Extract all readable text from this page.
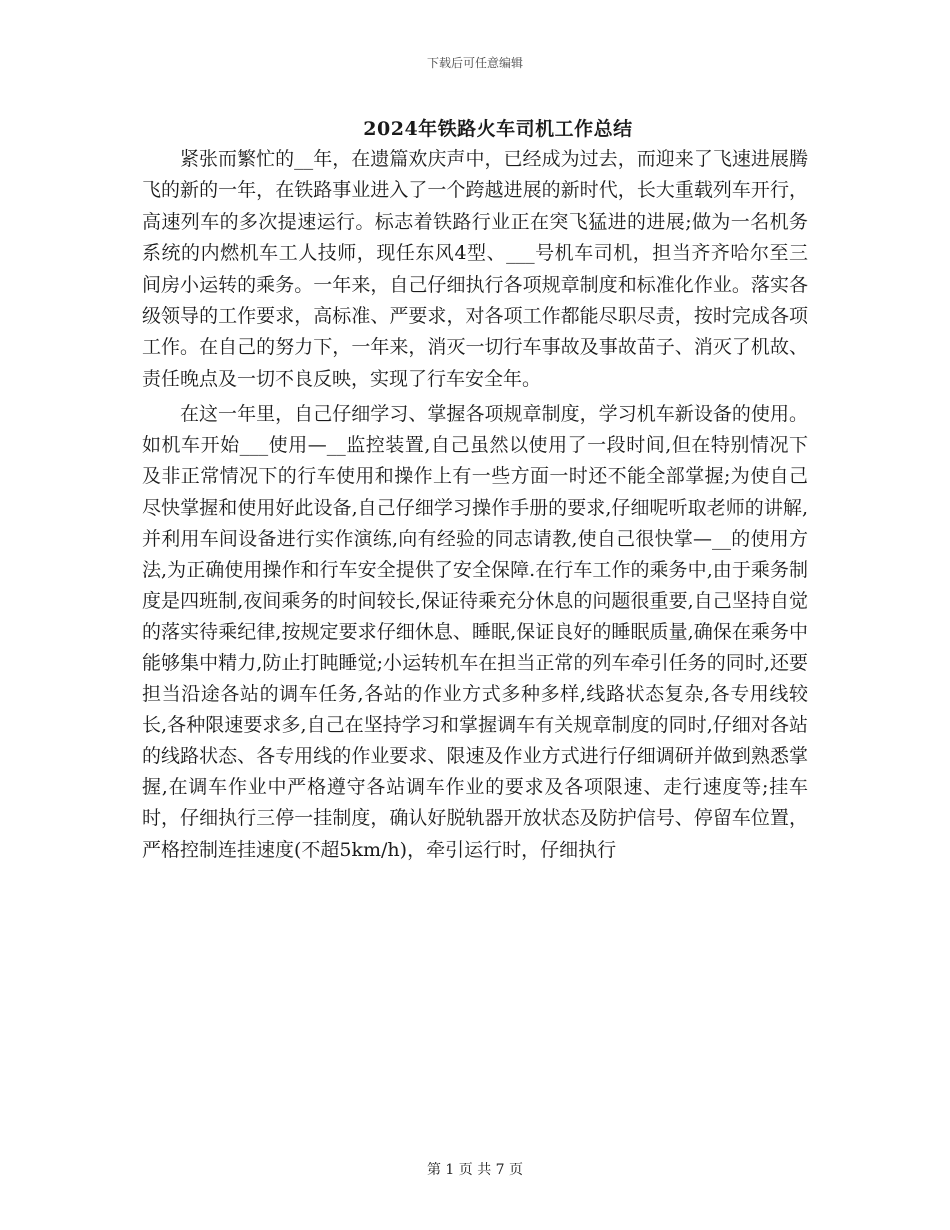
下载后可任意编辑
2024年铁路火车司机工作总结

紧张而繁忙的__年，在遗篇欢庆声中，已经成为过去，而迎来了飞速进展腾飞的新的一年，在铁路事业进入了一个跨越进展的新时代，长大重载列车开行，高速列车的多次提速运行。标志着铁路行业正在突飞猛进的进展;做为一名机务系统的内燃机车工人技师，现任东风4型、___号机车司机，担当齐齐哈尔至三间房小运转的乘务。一年来，自己仔细执行各项规章制度和标准化作业。落实各级领导的工作要求，高标准、严要求，对各项工作都能尽职尽责，按时完成各项工作。在自己的努力下，一年来，消灭一切行车事故及事故苗子、消灭了机故、责任晚点及一切不良反映，实现了行车安全年。

在这一年里，自己仔细学习、掌握各项规章制度，学习机车新设备的使用。如机车开始___使用—__监控装置,自己虽然以使用了一段时间,但在特别情况下及非正常情况下的行车使用和操作上有一些方面一时还不能全部掌握;为使自己尽快掌握和使用好此设备,自己仔细学习操作手册的要求,仔细呢听取老师的讲解,并利用车间设备进行实作演练,向有经验的同志请教,使自己很快掌—__的使用方法,为正确使用操作和行车安全提供了安全保障.在行车工作的乘务中,由于乘务制度是四班制,夜间乘务的时间较长,保证待乘充分休息的问题很重要,自己坚持自觉的落实待乘纪律,按规定要求仔细休息、睡眠,保证良好的睡眠质量,确保在乘务中能够集中精力,防止打盹睡觉;小运转机车在担当正常的列车牵引任务的同时,还要担当沿途各站的调车任务,各站的作业方式多种多样,线路状态复杂,各专用线较长,各种限速要求多,自己在坚持学习和掌握调车有关规章制度的同时,仔细对各站的线路状态、各专用线的作业要求、限速及作业方式进行仔细调研并做到熟悉掌握,在调车作业中严格遵守各站调车作业的要求及各项限速、走行速度等;挂车时，仔细执行三停一挂制度，确认好脱轨器开放状态及防护信号、停留车位置，严格控制连挂速度(不超5km/h)，牵引运行时，仔细执行

第 1 页 共 7 页
